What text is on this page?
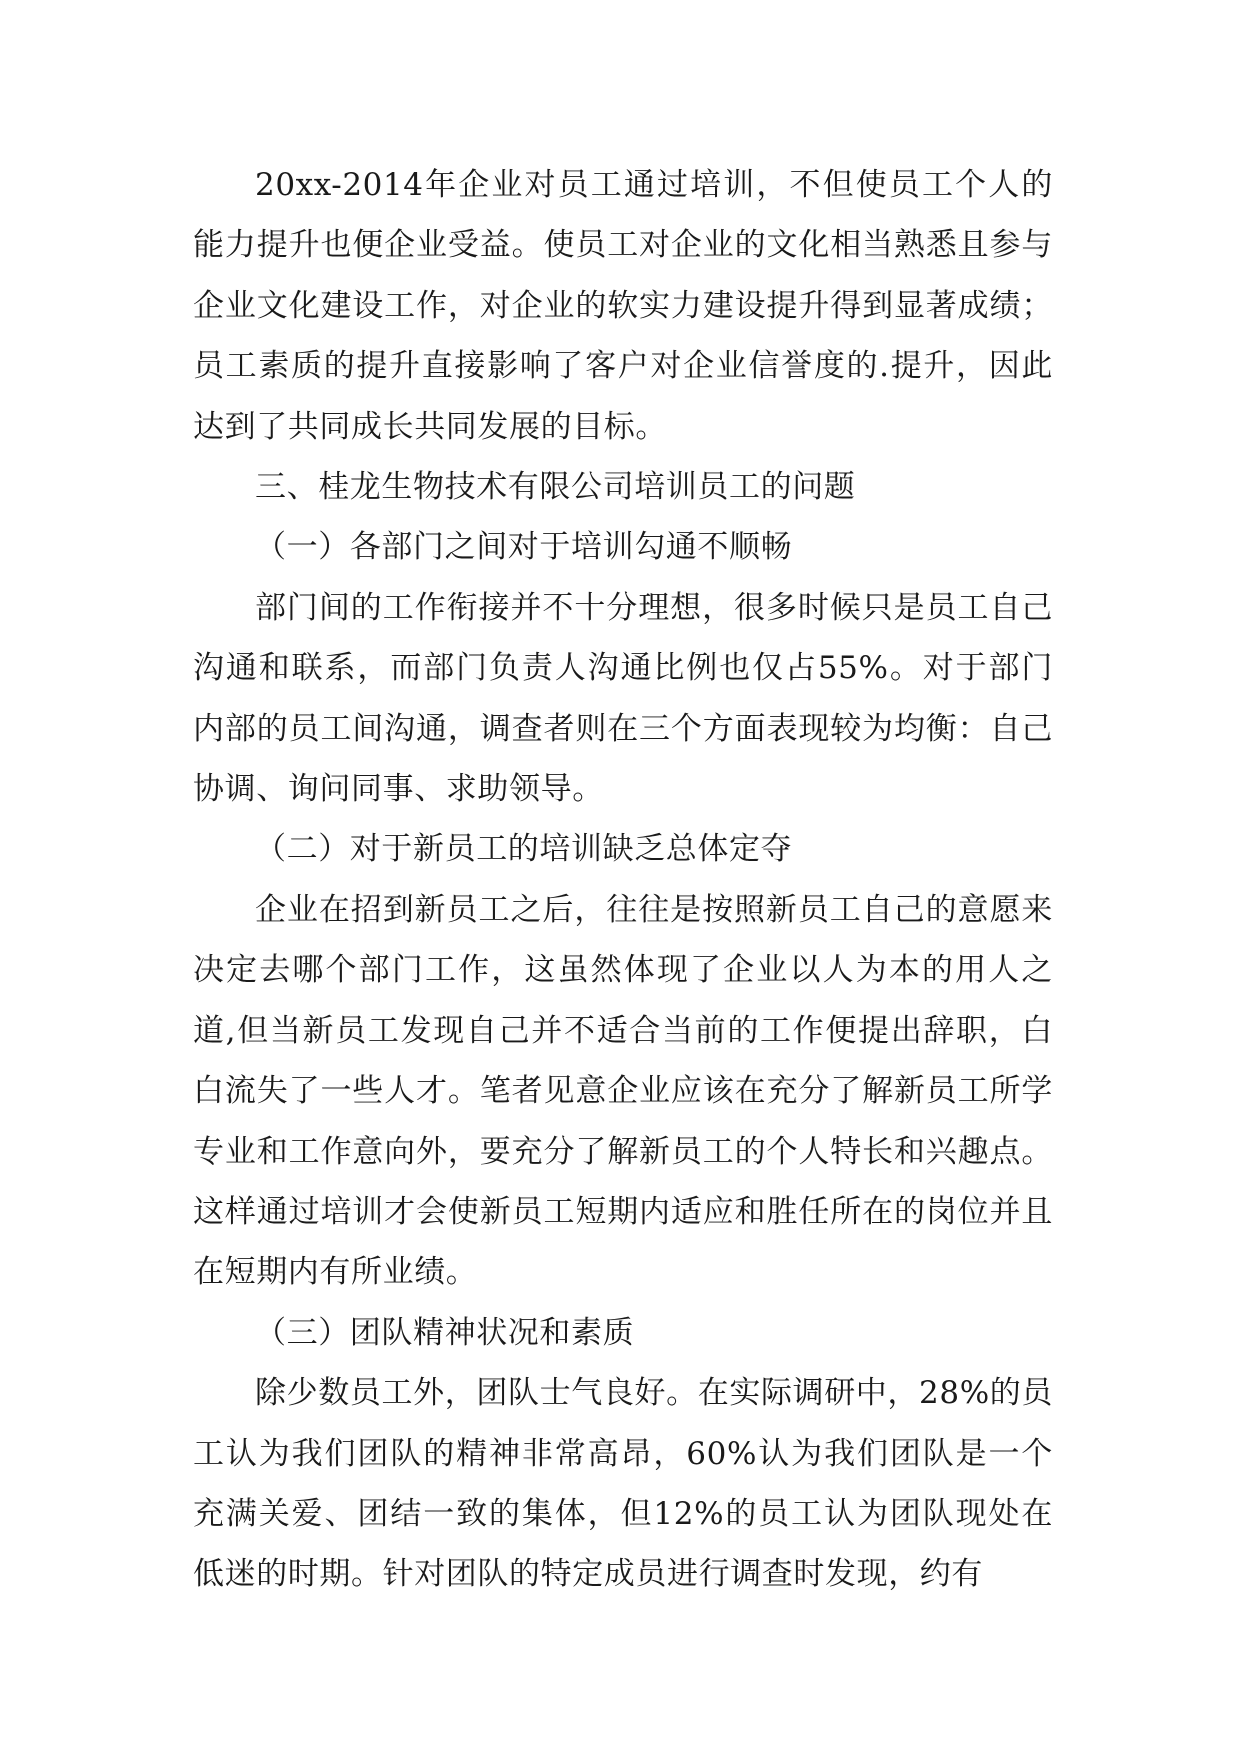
20xx-2014年企业对员工通过培训，不但使员工个人的能力提升也便企业受益。使员工对企业的文化相当熟悉且参与企业文化建设工作，对企业的软实力建设提升得到显著成绩；员工素质的提升直接影响了客户对企业信誉度的.提升，因此达到了共同成长共同发展的目标。

三、桂龙生物技术有限公司培训员工的问题

（一）各部门之间对于培训勾通不顺畅

部门间的工作衔接并不十分理想，很多时候只是员工自己沟通和联系，而部门负责人沟通比例也仅占55%。对于部门内部的员工间沟通，调查者则在三个方面表现较为均衡：自己协调、询问同事、求助领导。

（二）对于新员工的培训缺乏总体定夺

企业在招到新员工之后，往往是按照新员工自己的意愿来决定去哪个部门工作，这虽然体现了企业以人为本的用人之道,但当新员工发现自己并不适合当前的工作便提出辞职，白白流失了一些人才。笔者见意企业应该在充分了解新员工所学专业和工作意向外，要充分了解新员工的个人特长和兴趣点。这样通过培训才会使新员工短期内适应和胜任所在的岗位并且在短期内有所业绩。

（三）团队精神状况和素质

除少数员工外，团队士气良好。在实际调研中，28%的员工认为我们团队的精神非常高昂，60%认为我们团队是一个充满关爱、团结一致的集体，但12%的员工认为团队现处在低迷的时期。针对团队的特定成员进行调查时发现，约有
